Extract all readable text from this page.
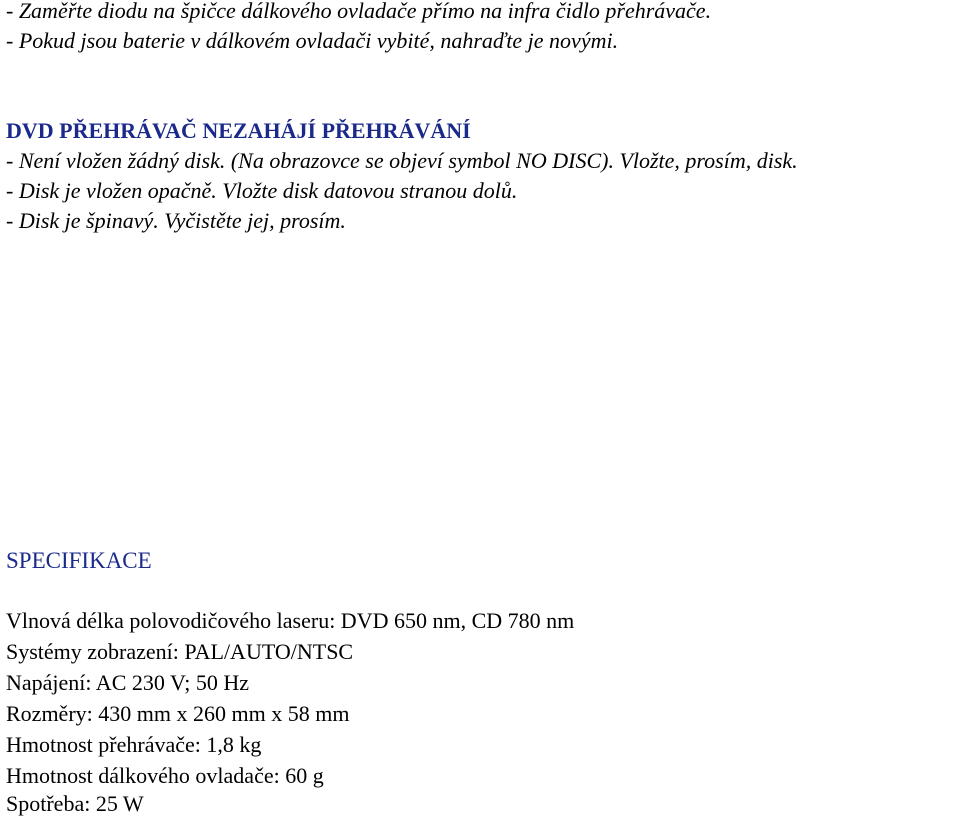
- Zaměřte diodu na špičce dálkového ovladače přímo na infra čidlo přehrávače.
- Pokud jsou baterie v dálkovém ovladači vybité, nahraďte je novými.
DVD PŘEHRÁVAČ NEZAHÁJÍ PŘEHRÁVÁNÍ
- Není vložen žádný disk. (Na obrazovce se objeví symbol NO DISC). Vložte, prosím, disk.
- Disk je vložen opačně. Vložte disk datovou stranou dolů.
- Disk je špinavý. Vyčistěte jej, prosím.
SPECIFIKACE
Vlnová délka polovodičového laseru: DVD 650 nm, CD 780 nm
Systémy zobrazení: PAL/AUTO/NTSC
Napájení: AC 230 V; 50 Hz
Rozměry: 430 mm x 260 mm x 58 mm
Hmotnost přehrávače: 1,8 kg
Hmotnost dálkového ovladače: 60 g
Spotřeba: 25 W
